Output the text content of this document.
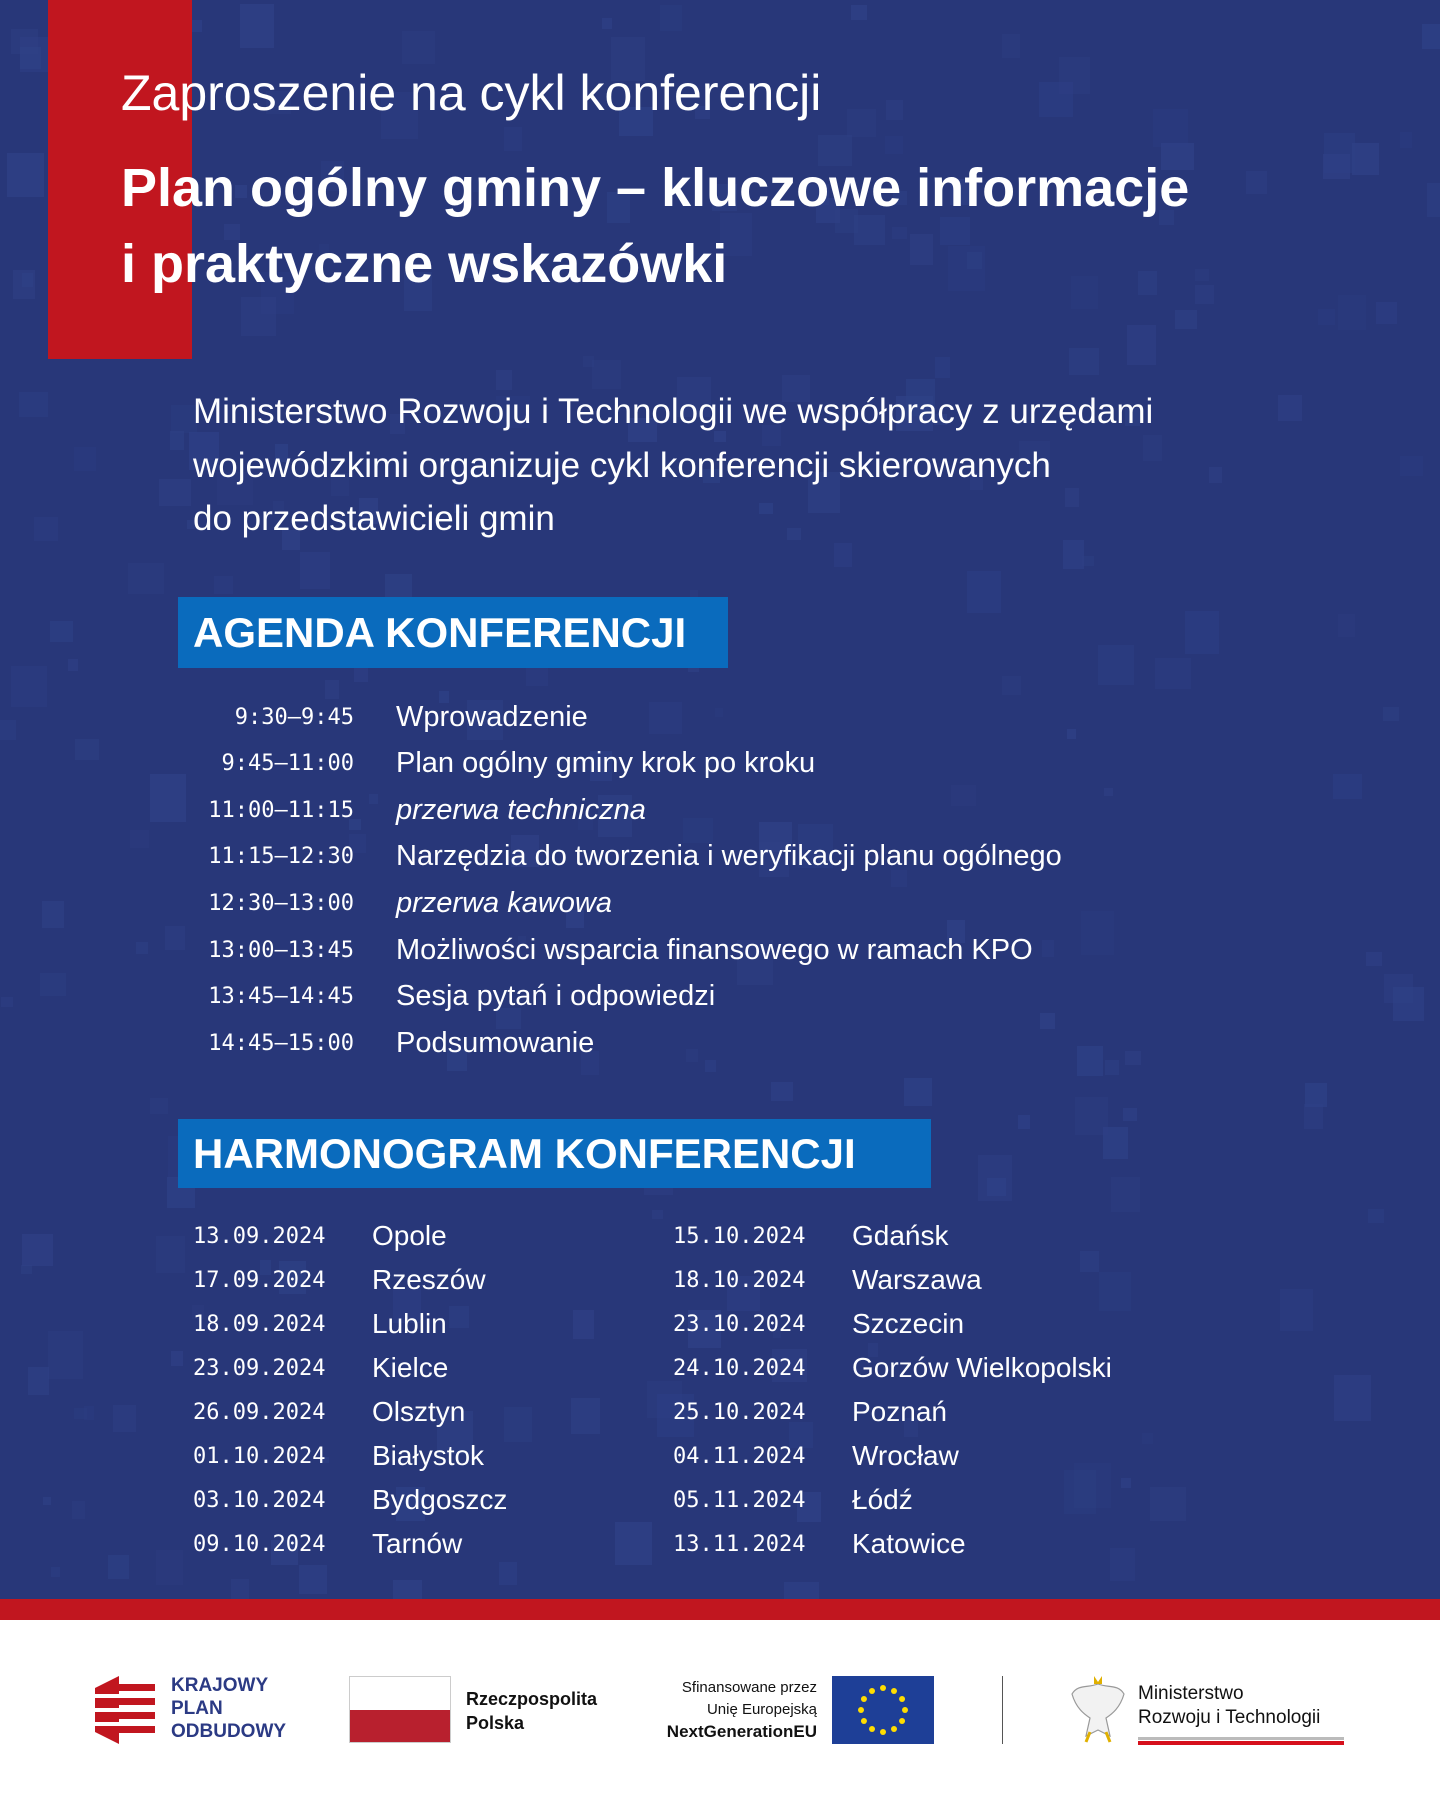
Zaproszenie na cykl konferencji
Plan ogólny gminy – kluczowe informacje
i praktyczne wskazówki
Ministerstwo Rozwoju i Technologii we współpracy z urzędami
wojewódzkimi organizuje cykl konferencji skierowanych
do przedstawicieli gmin
AGENDA KONFERENCJI
9:30–9:45 Wprowadzenie
9:45–11:00 Plan ogólny gminy krok po kroku
11:00–11:15 przerwa techniczna
11:15–12:30 Narzędzia do tworzenia i weryfikacji planu ogólnego
12:30–13:00 przerwa kawowa
13:00–13:45 Możliwości wsparcia finansowego w ramach KPO
13:45–14:45 Sesja pytań i odpowiedzi
14:45–15:00 Podsumowanie
HARMONOGRAM KONFERENCJI
13.09.2024	Opole
17.09.2024	Rzeszów
18.09.2024	Lublin
23.09.2024	Kielce
26.09.2024	Olsztyn
01.10.2024	Białystok
03.10.2024	Bydgoszcz
09.10.2024	Tarnów
15.10.2024	Gdańsk
18.10.2024	Warszawa
23.10.2024	Szczecin
24.10.2024	Gorzów Wielkopolski
25.10.2024	Poznań
04.11.2024	Wrocław
05.11.2024	Łódź
13.11.2024	Katowice
KRAJOWY
PLAN
ODBUDOWY
Rzeczpospolita
Polska
Sfinansowane przez
Unię Europejską
NextGenerationEU
Ministerstwo
Rozwoju i Technologii
